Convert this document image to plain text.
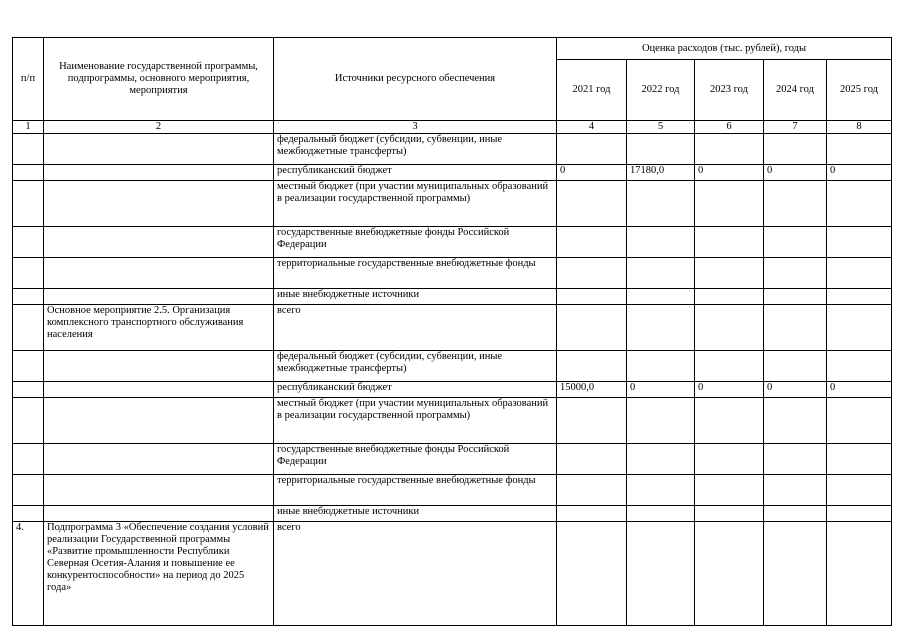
п/п	Наименование государственной программы, подпрограммы, основного мероприятия, мероприятия	Источники ресурсного обеспечения	Оценка расходов (тыс. рублей), годы				
			2021 год	2022 год	2023 год	2024 год	2025 год
1	2	3	4	5	6	7	8
		федеральный бюджет (субсидии, субвенции, иные межбюджетные трансферты)					
		республиканский бюджет	0	17180,0	0	0	0
		местный бюджет (при участии муниципальных образований в реализации государственной программы)					
		государственные внебюджетные фонды Российской Федерации					
		территориальные государственные внебюджетные фонды					
		иные внебюджетные источники					
	Основное мероприятие 2.5. Организация комплексного транспортного обслуживания населения	всего					
		федеральный бюджет (субсидии, субвенции, иные межбюджетные трансферты)					
		республиканский бюджет	15000,0	0	0	0	0
		местный бюджет (при участии муниципальных образований в реализации государственной программы)					
		государственные внебюджетные фонды Российской Федерации					
		территориальные государственные внебюджетные фонды					
		иные внебюджетные источники					
4.	Подпрограмма 3 «Обеспечение создания условий реализации Государственной программы «Развитие промышленности Республики Северная Осетия-Алания и повышение ее конкурентоспособности» на период до 2025 года»	всего					
